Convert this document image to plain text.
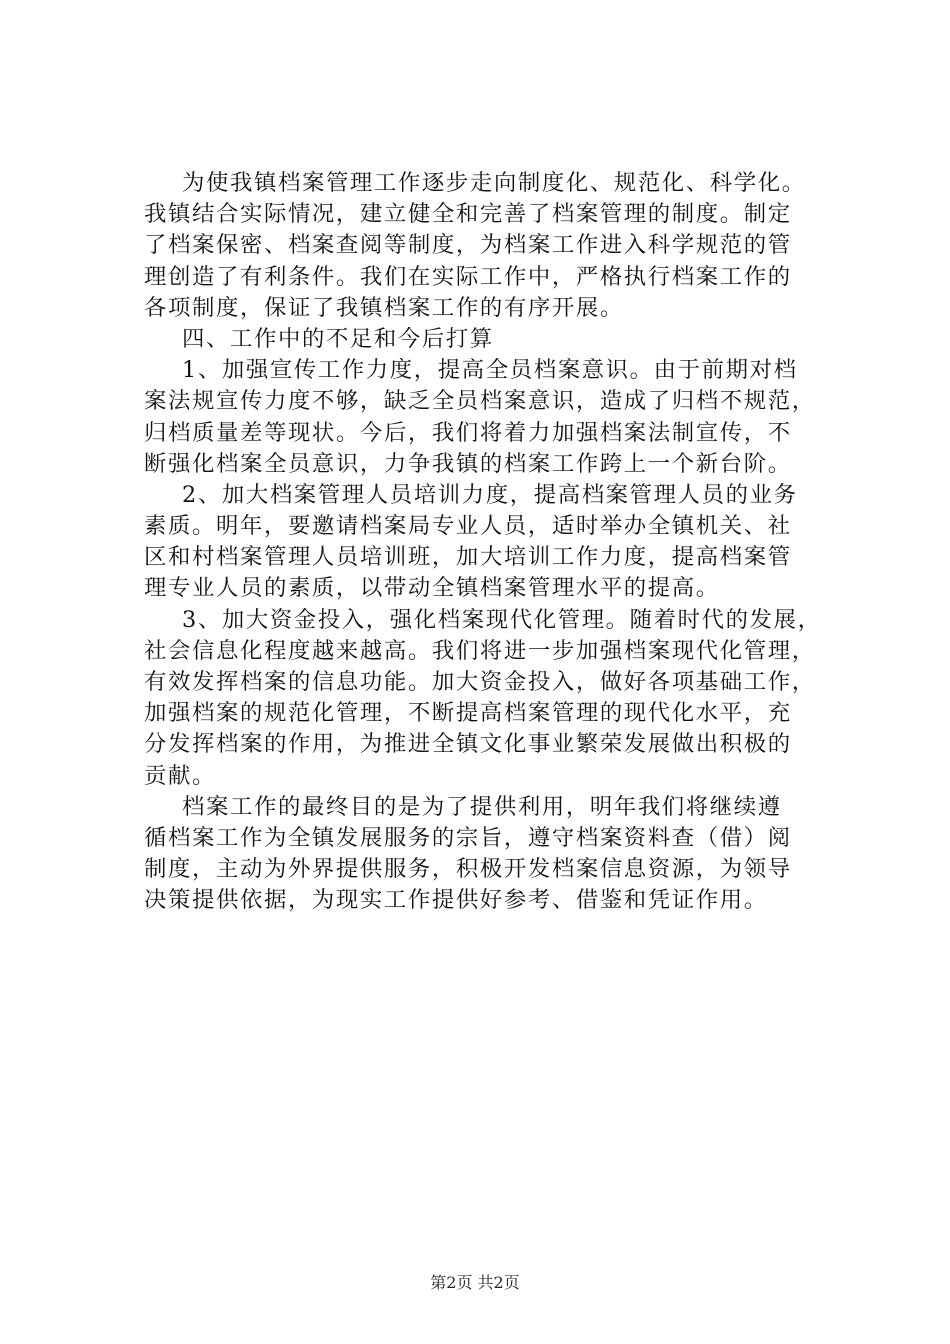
为使我镇档案管理工作逐步走向制度化、规范化、科学化。
我镇结合实际情况，建立健全和完善了档案管理的制度。制定
了档案保密、档案查阅等制度，为档案工作进入科学规范的管
理创造了有利条件。我们在实际工作中，严格执行档案工作的
各项制度，保证了我镇档案工作的有序开展。
四、工作中的不足和今后打算
1、加强宣传工作力度，提高全员档案意识。由于前期对档
案法规宣传力度不够，缺乏全员档案意识，造成了归档不规范，
归档质量差等现状。今后，我们将着力加强档案法制宣传，不
断强化档案全员意识，力争我镇的档案工作跨上一个新台阶。
2、加大档案管理人员培训力度，提高档案管理人员的业务
素质。明年，要邀请档案局专业人员，适时举办全镇机关、社
区和村档案管理人员培训班，加大培训工作力度，提高档案管
理专业人员的素质，以带动全镇档案管理水平的提高。
3、加大资金投入，强化档案现代化管理。随着时代的发展，
社会信息化程度越来越高。我们将进一步加强档案现代化管理，
有效发挥档案的信息功能。加大资金投入，做好各项基础工作，
加强档案的规范化管理，不断提高档案管理的现代化水平，充
分发挥档案的作用，为推进全镇文化事业繁荣发展做出积极的
贡献。
档案工作的最终目的是为了提供利用，明年我们将继续遵
循档案工作为全镇发展服务的宗旨，遵守档案资料查（借）阅
制度，主动为外界提供服务，积极开发档案信息资源，为领导
决策提供依据，为现实工作提供好参考、借鉴和凭证作用。
第2页 共2页
